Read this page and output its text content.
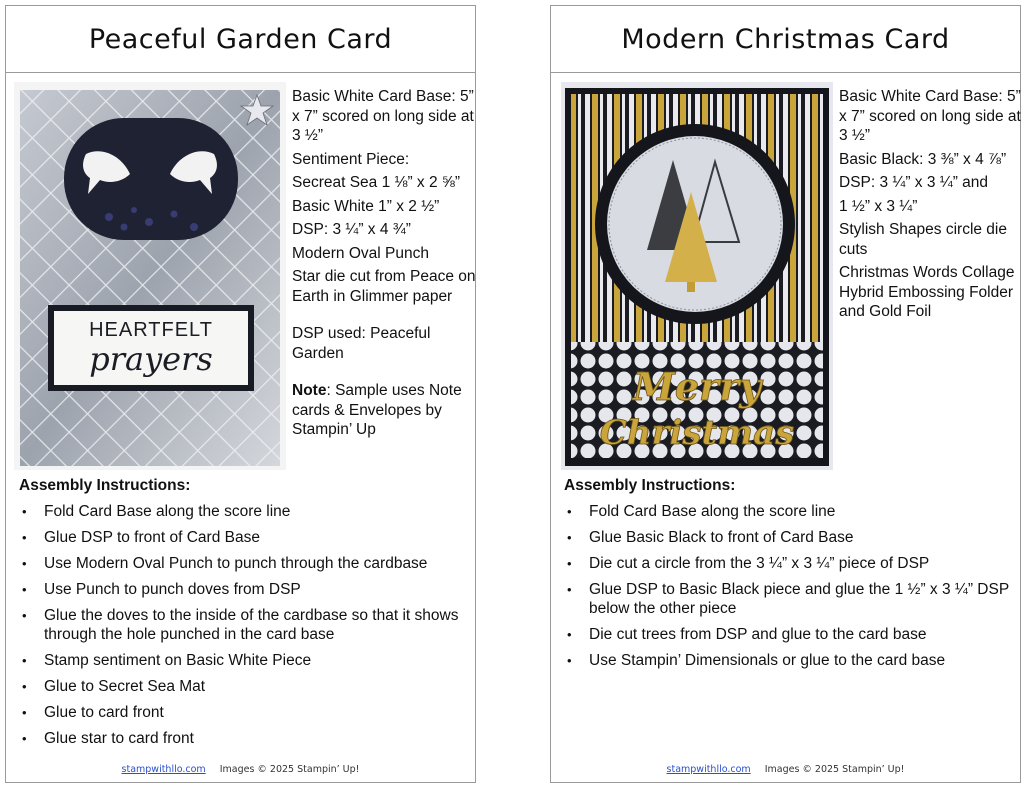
Peaceful Garden Card
HEARTFELT
prayers
Basic White Card Base: 5” x 7” scored on long side at 3 ½”
Sentiment Piece:
Secreat Sea 1 ⅛” x 2 ⅝”
Basic White 1” x 2 ½”
DSP: 3 ¼” x 4 ¾”
Modern Oval Punch
Star die cut from Peace on Earth in Glimmer paper
DSP used: Peaceful Garden
Note: Sample uses Note cards & Envelopes by Stampin’ Up
Assembly Instructions:
• Fold Card Base along the score line
• Glue DSP to front of Card Base
• Use Modern Oval Punch to punch through the cardbase
• Use Punch to punch doves from DSP
• Glue the doves to the inside of the cardbase so that it shows through the hole punched in the card base
• Stamp sentiment on Basic White Piece
• Glue to Secret Sea Mat
• Glue to card front
• Glue star to card front
stampwithllo.com Images © 2025 Stampin’ Up!
Modern Christmas Card
Merry
Christmas
Basic White Card Base: 5” x 7” scored on long side at 3 ½”
Basic Black: 3 ⅜” x 4 ⅞”
DSP: 3 ¼” x 3 ¼” and
1 ½” x 3 ¼”
Stylish Shapes circle die cuts
Christmas Words Collage Hybrid Embossing Folder and Gold Foil
Assembly Instructions:
• Fold Card Base along the score line
• Glue Basic Black to front of Card Base
• Die cut a circle from the 3 ¼” x 3 ¼” piece of DSP
• Glue DSP to Basic Black piece and glue the 1 ½” x 3 ¼” DSP below the other piece
• Die cut trees from DSP and glue to the card base
• Use Stampin’ Dimensionals or glue to the card base
stampwithllo.com Images © 2025 Stampin’ Up!
